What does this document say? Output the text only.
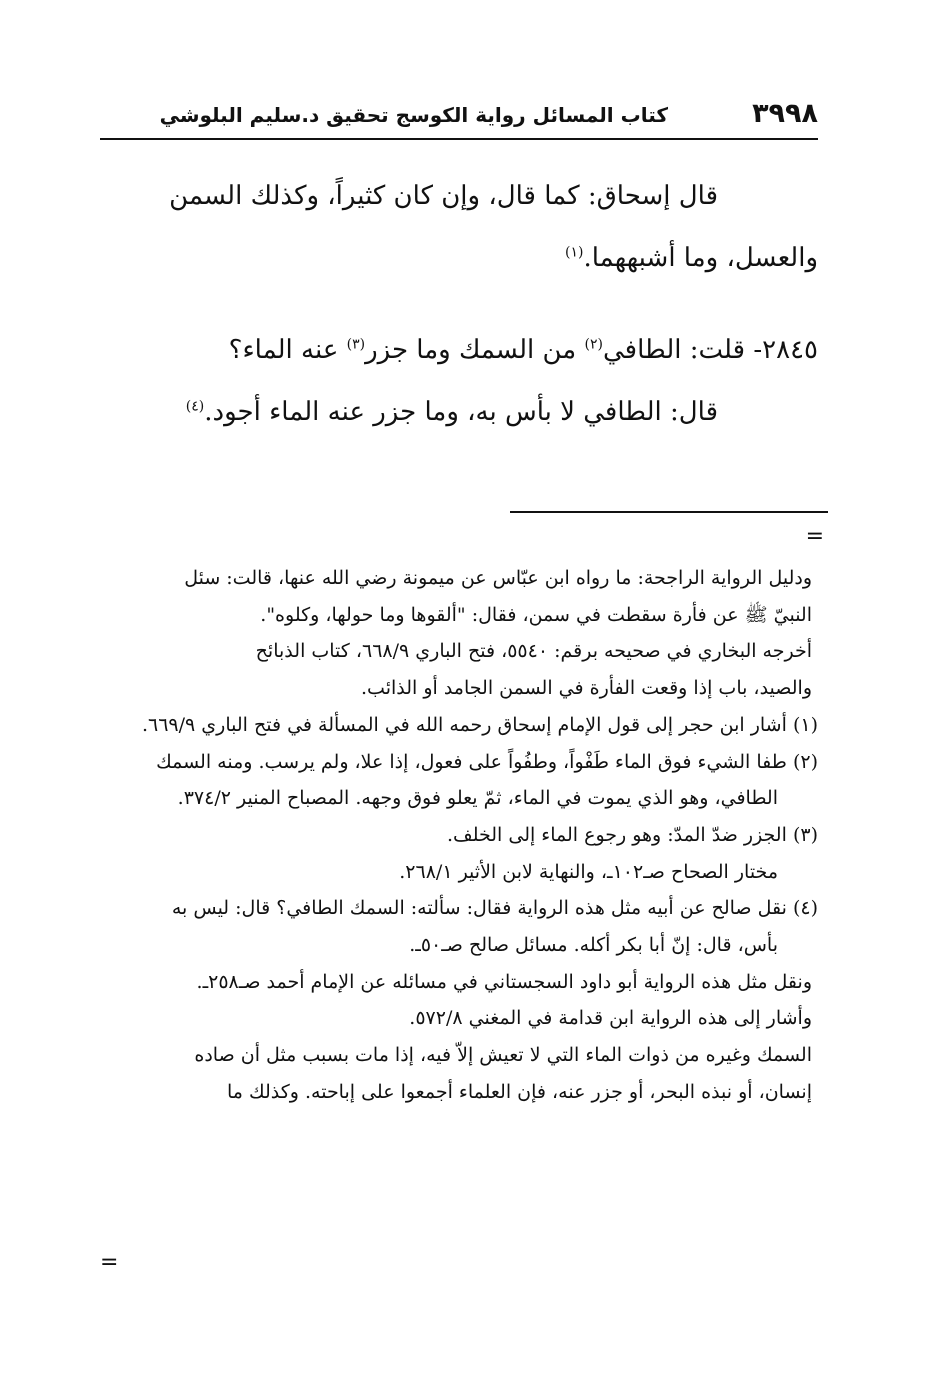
٣٩٩٨
كتاب المسائل رواية الكوسج تحقيق د.سليم البلوشي

قال إسحاق: كما قال، وإن كان كثيراً، وكذلك السمن

والعسل، وما أشبههما.$^{(١)}$

٢٨٤٥- قلت: الطافي$^{(٢)}$ من السمك وما جزر$^{(٣)}$ عنه الماء؟

قال: الطافي لا بأس به، وما جزر عنه الماء أجود.$^{(٤)}$

=

ودليل الرواية الراجحة: ما رواه ابن عبّاس عن ميمونة رضي الله عنها، قالت: سئل

النبيّ ﷺ عن فأرة سقطت في سمن، فقال: "ألقوها وما حولها، وكلوه".

أخرجه البخاري في صحيحه برقم: ٥٥٤٠، فتح الباري ٦٦٨/٩، كتاب الذبائح

والصيد، باب إذا وقعت الفأرة في السمن الجامد أو الذائب.

(١) أشار ابن حجر إلى قول الإمام إسحاق رحمه الله في المسألة في فتح الباري ٦٦٩/٩.

(٢) طفا الشيء فوق الماء طَفْواً، وطفُواً على فعول، إذا علا، ولم يرسب. ومنه السمك

الطافي، وهو الذي يموت في الماء، ثمّ يعلو فوق وجهه. المصباح المنير ٣٧٤/٢.

(٣) الجزر ضدّ المدّ: وهو رجوع الماء إلى الخلف.

مختار الصحاح صـ١٠٢ـ، والنهاية لابن الأثير ٢٦٨/١.

(٤) نقل صالح عن أبيه مثل هذه الرواية فقال: سألته: السمك الطافي؟ قال: ليس به

بأس، قال: إنّ أبا بكر أكله. مسائل صالح صـ٥٠ـ.

ونقل مثل هذه الرواية أبو داود السجستاني في مسائله عن الإمام أحمد صـ٢٥٨ـ.

وأشار إلى هذه الرواية ابن قدامة في المغني ٥٧٢/٨.

السمك وغيره من ذوات الماء التي لا تعيش إلاّ فيه، إذا مات بسبب مثل أن صاده

إنسان، أو نبذه البحر، أو جزر عنه، فإن العلماء أجمعوا على إباحته. وكذلك ما

=
